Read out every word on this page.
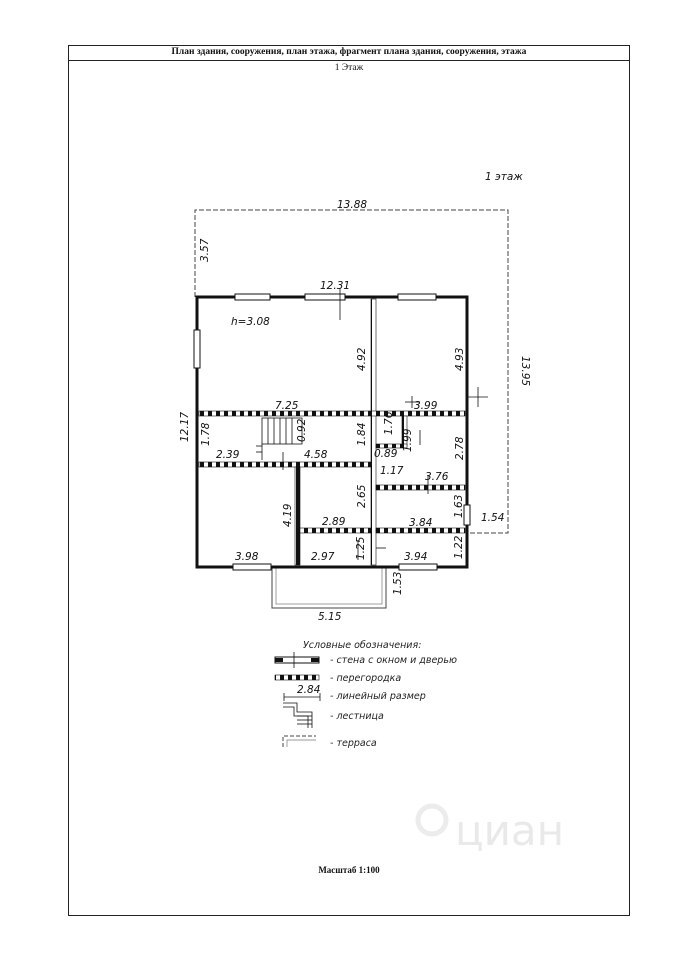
План здания, сооружения, план этажа, фрагмент плана здания, сооружения, этажа
1 Этаж
Масштаб 1:100
циан
13.88
3.57
13.95
12.31
12.17
h=3.08
1 этаж
4.92	4.93
7.25	3.99
1.78
2.39
0.92
4.58
1.84 1.76
1.99
0.89
1.17
2.78
3.76
4.19
2.65
2.89
1.63
3.84	1.54
3.98	2.97 1.25	3.94 1.22
1.53
5.15
Условные обозначения:
- стена с окном и дверью
- перегородка
2.84
- линейный размер
- лестница
- терраса
